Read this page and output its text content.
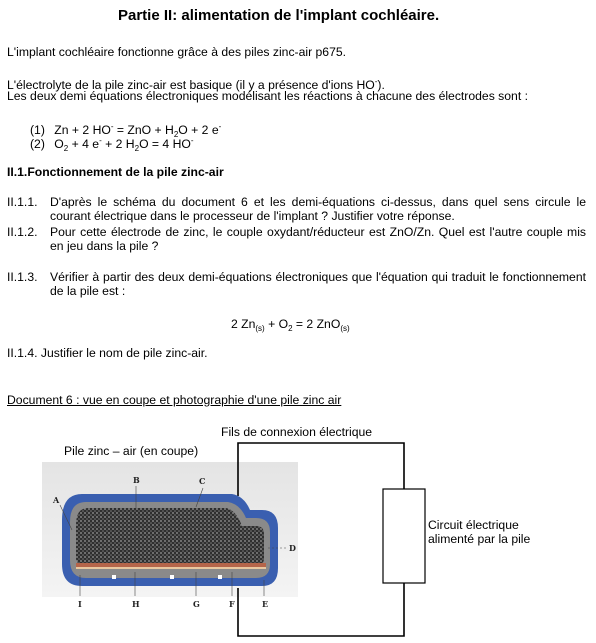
Partie II: alimentation de l'implant cochléaire.
L'implant cochléaire fonctionne grâce à des piles zinc-air p675.
L'électrolyte de la pile zinc-air est basique (il y a présence d'ions HO-).
Les deux demi équations électroniques modélisant les réactions à chacune des électrodes sont :
(1) Zn + 2 HO- = ZnO + $H_2O + 2$ e-
(2) $O_2 + 4$ e- + 2 $H_2O = 4$ HO-
II.1.Fonctionnement de la pile zinc-air
II.1.1. D'après le schéma du document 6 et les demi-équations ci-dessus, dans quel sens circule le courant électrique dans le processeur de l'implant ? Justifier votre réponse.
II.1.2. Pour cette électrode de zinc, le couple oxydant/réducteur est ZnO/Zn. Quel est l'autre couple mis en jeu dans la pile ?
II.1.3. Vérifier à partir des deux demi-équations électroniques que l'équation qui traduit le fonctionnement de la pile est :
2 $Zn_{(s)} + O_2 = 2$ ZnO$_{(s)}$
II.1.4. Justifier le nom de pile zinc-air.
Document 6 : vue en coupe et photographie d'une pile zinc air
A
B	C
D
E
F
G
H
I
Fils de connexion électrique
Pile zinc – air (en coupe)
Circuit électrique
alimenté par la pile
